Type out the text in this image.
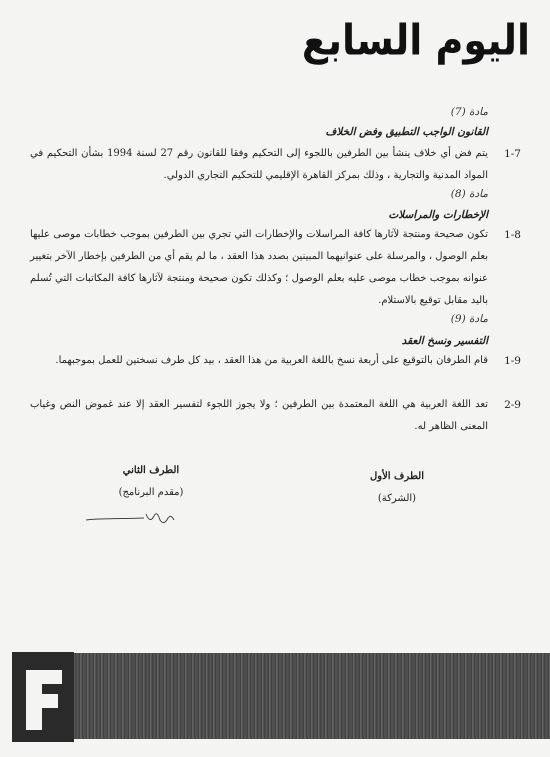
اليوم السابع
مادة (7)
القانون الواجب التطبيق وفض الخلاف
1-7
يتم فض أي خلاف ينشأ بين الطرفين باللجوء إلى التحكيم وفقا للقانون رقم 27 لسنة 1994 بشأن التحكيم في المواد المدنية والتجارية ، وذلك بمركز القاهرة الإقليمي للتحكيم التجاري الدولي.
مادة (8)
الإخطارات والمراسلات
1-8
تكون صحيحة ومنتجة لآثارها كافة المراسلات والإخطارات التي تجري بين الطرفين بموجب خطابات موصى عليها بعلم الوصول ، والمرسلة على عنوانيهما المبينين بصدد هذا العقد ، ما لم يقم أي من الطرفين بإخطار الآخر بتغيير عنوانه بموجب خطاب موصى عليه بعلم الوصول ؛ وكذلك تكون صحيحة ومنتجة لآثارها كافة المكاتبات التي تُسلم باليد مقابل توقيع بالاستلام.
مادة (9)
التفسير ونسخ العقد
1-9
قام الطرفان بالتوقيع على أربعة نسخ باللغة العربية من هذا العقد ، بيد كل طرف نسختين للعمل بموجبهما.
2-9
تعد اللغة العربية هي اللغة المعتمدة بين الطرفين ؛ ولا يجوز اللجوء لتفسير العقد إلا عند غموض النص وغياب المعنى الظاهر له.
الطرف الأول
(الشركة)
الطرف الثاني
(مقدم البرنامج)
